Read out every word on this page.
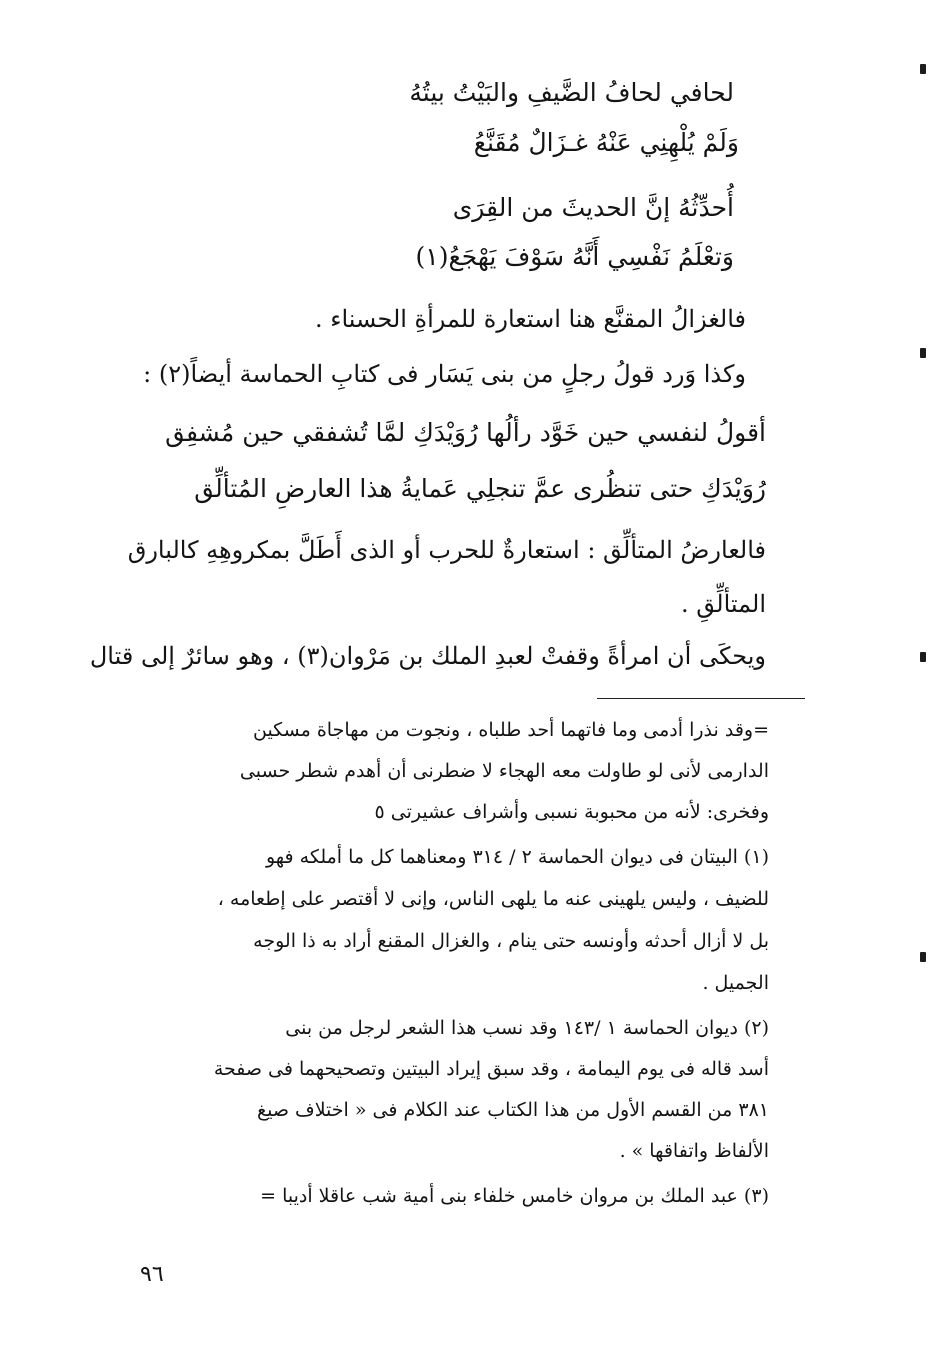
لحافي لحافُ الضَّيفِ والبَيْتُ بيتُهُ
وَلَمْ يُلْهِنِي عَنْهُ غـزَالٌ مُقَنَّعُ
أُحدِّثُهُ إنَّ الحديثَ من القِرَى
وَتعْلَمُ نَفْسِي أَنَّهُ سَوْفَ يَهْجَعُ(١)
فالغزالُ المقنَّع هنا استعارة للمرأةِ الحسناء .
وكذا وَرد قولُ رجلٍ من بنى يَسَار فى كتابِ الحماسة أيضاً(٢) :
أقولُ لنفسي حين خَوَّد رألُها رُوَيْدَكِ لمَّا تُشفقي حين مُشفِق
رُوَيْدَكِ حتى تنظُرى عمَّ تنجلِي عَمايةُ هذا العارضِ المُتألِّق
فالعارضُ المتألِّق : استعارةٌ للحرب أو الذى أَطَلَّ بمكروهِهِ كالبارق
المتألِّقِ .
ويحكَى أن امرأةً وقفتْ لعبدِ الملك بن مَرْوان(٣) ، وهو سائرٌ إلى قتال
=وقد نذرا أدمى وما فاتهما أحد طلباه ، ونجوت من مهاجاة مسكين
الدارمى لأنى لو طاولت معه الهجاء لا ضطرنى أن أهدم شطر حسبى
وفخرى: لأنه من محبوبة نسبى وأشراف عشيرتى ٥
(١) البيتان فى ديوان الحماسة ٢ / ٣١٤ ومعناهما كل ما أملكه فهو
للضيف ، وليس يلهينى عنه ما يلهى الناس، وإنى لا أقتصر على إطعامه ،
بل لا أزال أحدثه وأونسه حتى ينام ، والغزال المقنع أراد به ذا الوجه
الجميل .
(٢) ديوان الحماسة ١ /١٤٣ وقد نسب هذا الشعر لرجل من بنى
أسد قاله فى يوم اليمامة ، وقد سبق إيراد البيتين وتصحيحهما فى صفحة
٣٨١ من القسم الأول من هذا الكتاب عند الكلام فى « اختلاف صيغ
الألفاظ واتفاقها » .
(٣) عبد الملك بن مروان خامس خلفاء بنى أمية شب عاقلا أديبا =
٩٦
